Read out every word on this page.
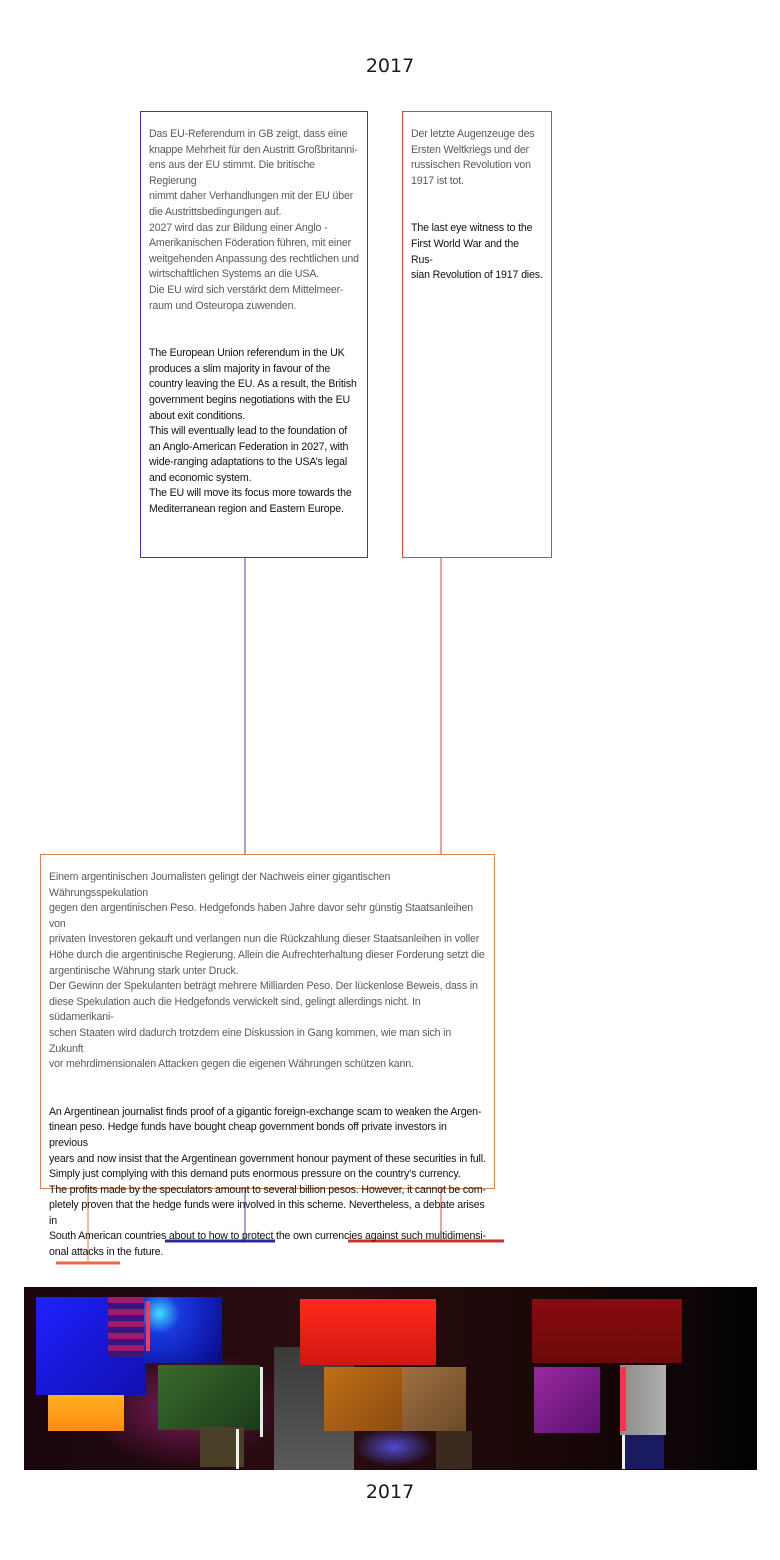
2017

Das EU-Referendum in GB zeigt, dass eine
knappe Mehrheit für den Austritt Großbritanni-
ens aus der EU stimmt. Die britische Regierung
nimmt daher Verhandlungen mit der EU über
die Austrittsbedingungen auf.
2027 wird das zur Bildung einer Anglo -
Amerikanischen Föderation führen, mit einer
weitgehenden Anpassung des rechtlichen und
wirtschaftlichen Systems an die USA.
Die EU wird sich verstärkt dem Mittelmeer-
raum und Osteuropa zuwenden.

The European Union referendum in the UK
produces a slim majority in favour of the
country leaving the EU. As a result, the British
government begins negotiations with the EU
about exit conditions.
This will eventually lead to the foundation of
an Anglo-American Federation in 2027, with
wide-ranging adaptations to the USA’s legal
and economic system.
The EU will move its focus more towards the
Mediterranean region and Eastern Europe.

Der letzte Augenzeuge des
Ersten Weltkriegs und der
russischen Revolution von
1917 ist tot.

The last eye witness to the
First World War and the Rus-
sian Revolution of 1917 dies.

Einem argentinischen Journalisten gelingt der Nachweis einer gigantischen Währungsspekulation
gegen den argentinischen Peso. Hedgefonds haben Jahre davor sehr günstig Staatsanleihen von
privaten Investoren gekauft und verlangen nun die Rückzahlung dieser Staatsanleihen in voller
Höhe durch die argentinische Regierung. Allein die Aufrechterhaltung dieser Forderung setzt die
argentinische Währung stark unter Druck.
Der Gewinn der Spekulanten beträgt mehrere Milliarden Peso. Der lückenlose Beweis, dass in
diese Spekulation auch die Hedgefonds verwickelt sind, gelingt allerdings nicht. In südamerikani-
schen Staaten wird dadurch trotzdem eine Diskussion in Gang kommen, wie man sich in Zukunft
vor mehrdimensionalen Attacken gegen die eigenen Währungen schützen kann.

An Argentinean journalist finds proof of a gigantic foreign-exchange scam to weaken the Argen-
tinean peso. Hedge funds have bought cheap government bonds off private investors in previous
years and now insist that the Argentinean government honour payment of these securities in full.
Simply just complying with this demand puts enormous pressure on the country’s currency.
The profits made by the speculators amount to several billion pesos. However, it cannot be com-
pletely proven that the hedge funds were involved in this scheme. Nevertheless, a debate arises in
South American countries about to how to protect the own currencies against such multidimensi-
onal attacks in the future.

2017
